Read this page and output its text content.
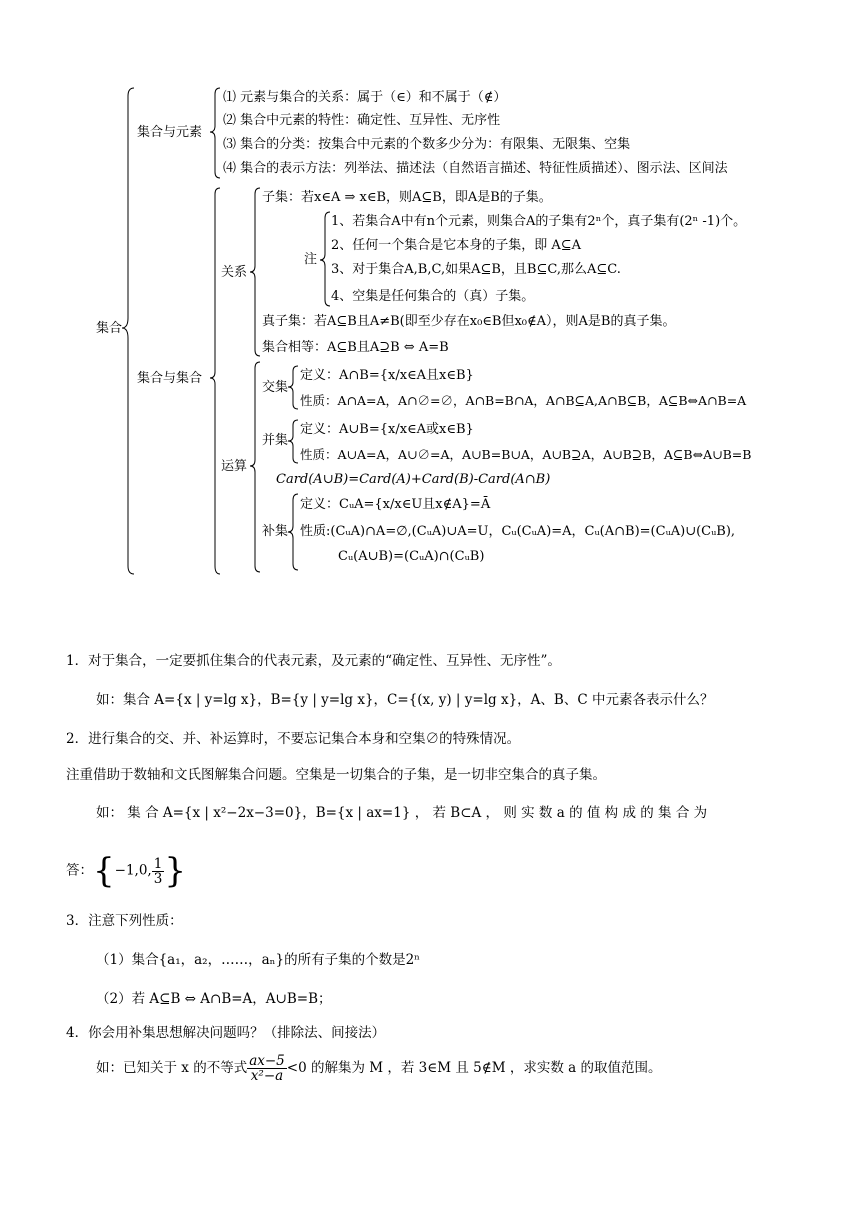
集合
集合与元素
⑴ 元素与集合的关系：属于（∈）和不属于（∉）
⑵ 集合中元素的特性：确定性、互异性、无序性
⑶ 集合的分类：按集合中元素的个数多少分为：有限集、无限集、空集
⑷ 集合的表示方法：列举法、描述法（自然语言描述、特征性质描述）、图示法、区间法
集合与集合
关系
子集：若x∈A ⇒ x∈B，则A⊆B，即A是B的子集。
注
1、若集合A中有n个元素，则集合A的子集有2ⁿ个，真子集有(2ⁿ -1)个。
2、任何一个集合是它本身的子集，即 A⊆A
3、对于集合A,B,C,如果A⊆B，且B⊆C,那么A⊆C.
4、空集是任何集合的（真）子集。
真子集：若A⊆B且A≠B(即至少存在x₀∈B但x₀∉A），则A是B的真子集。
集合相等：A⊆B且A⊇B ⇔ A=B
运算
交集
定义：A∩B={x/x∈A且x∈B}
性质：A∩A=A，A∩∅=∅，A∩B=B∩A，A∩B⊆A,A∩B⊆B，A⊆B⇔A∩B=A
并集
定义：A∪B={x/x∈A或x∈B}
性质：A∪A=A，A∪∅=A，A∪B=B∪A，A∪B⊇A，A∪B⊇B，A⊆B⇔A∪B=B
Card(A∪B)=Card(A)+Card(B)-Card(A∩B)
补集
定义：CᵤA={x/x∈U且x∉A}=Ā
性质:(CᵤA)∩A=∅,(CᵤA)∪A=U，Cᵤ(CᵤA)=A，Cᵤ(A∩B)=(CᵤA)∪(CᵤB),
Cᵤ(A∪B)=(CᵤA)∩(CᵤB)
1．对于集合，一定要抓住集合的代表元素，及元素的“确定性、互异性、无序性”。
如：集合 A={x | y=lg x}，B={y | y=lg x}，C={(x, y) | y=lg x}，A、B、C 中元素各表示什么？
2．进行集合的交、并、补运算时，不要忘记集合本身和空集∅的特殊情况。
注重借助于数轴和文氏图解集合问题。空集是一切集合的子集，是一切非空集合的真子集。
如： 集 合 A={x | x²−2x−3=0}，B={x | ax=1} ， 若 B⊂A ， 则 实 数 a 的 值 构 成 的 集 合 为
答：{−1,0, $\frac{1}{3}$ }
3．注意下列性质：
（1）集合{a₁，a₂，……，aₙ}的所有子集的个数是2ⁿ
（2）若 A⊆B ⇔ A∩B=A，A∪B=B；
4．你会用补集思想解决问题吗？（排除法、间接法）
如：已知关于 x 的不等式 $\frac{ax-5}{\text{x²−a}} <0$ 的解集为 M ，若 3∈M 且 5∉M ，求实数 a 的取值范围。
